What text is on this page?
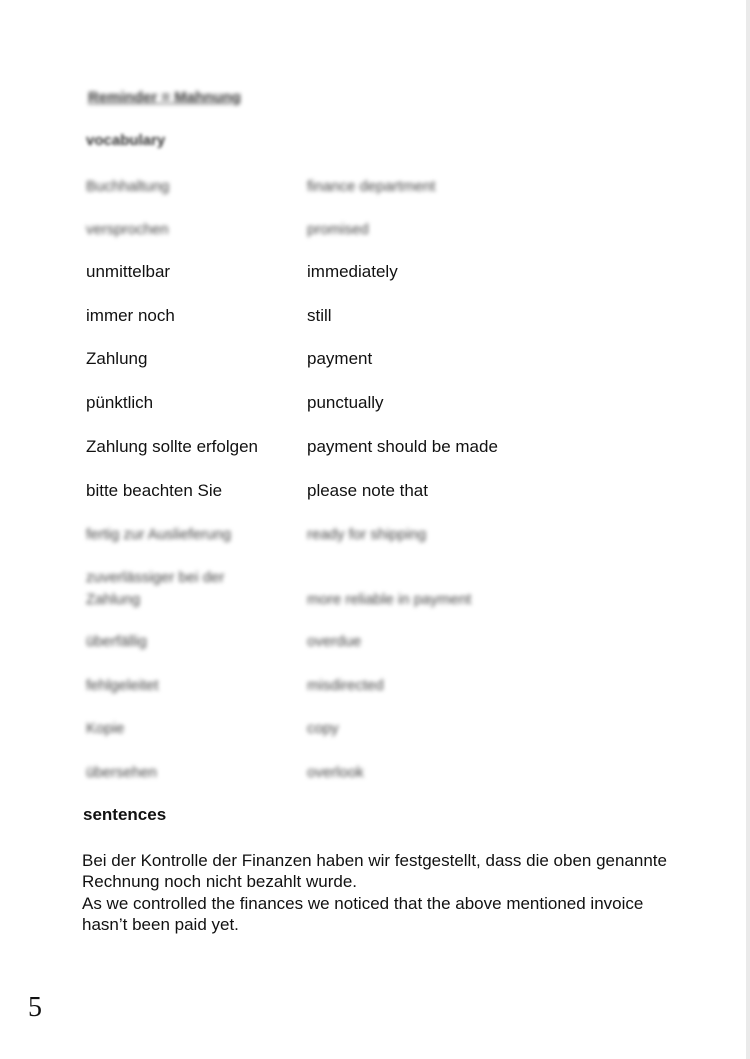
Reminder = Mahnung
vocabulary
Buchhaltung	finance department
versprochen	promised
unmittelbar	immediately
immer noch	still
Zahlung	payment
pünktlich	punctually
Zahlung sollte erfolgen	payment should be made
bitte beachten Sie	please note that
fertig zur Auslieferung	ready for shipping
zuverlässiger bei der Zahlung	more reliable in payment
überfällig	overdue
fehlgeleitet	misdirected
Kopie	copy
übersehen	overlook
sentences
Bei der Kontrolle der Finanzen haben wir festgestellt, dass die oben genannte Rechnung noch nicht bezahlt wurde.
As we controlled the finances we noticed that the above mentioned invoice hasn’t been paid yet.
5
